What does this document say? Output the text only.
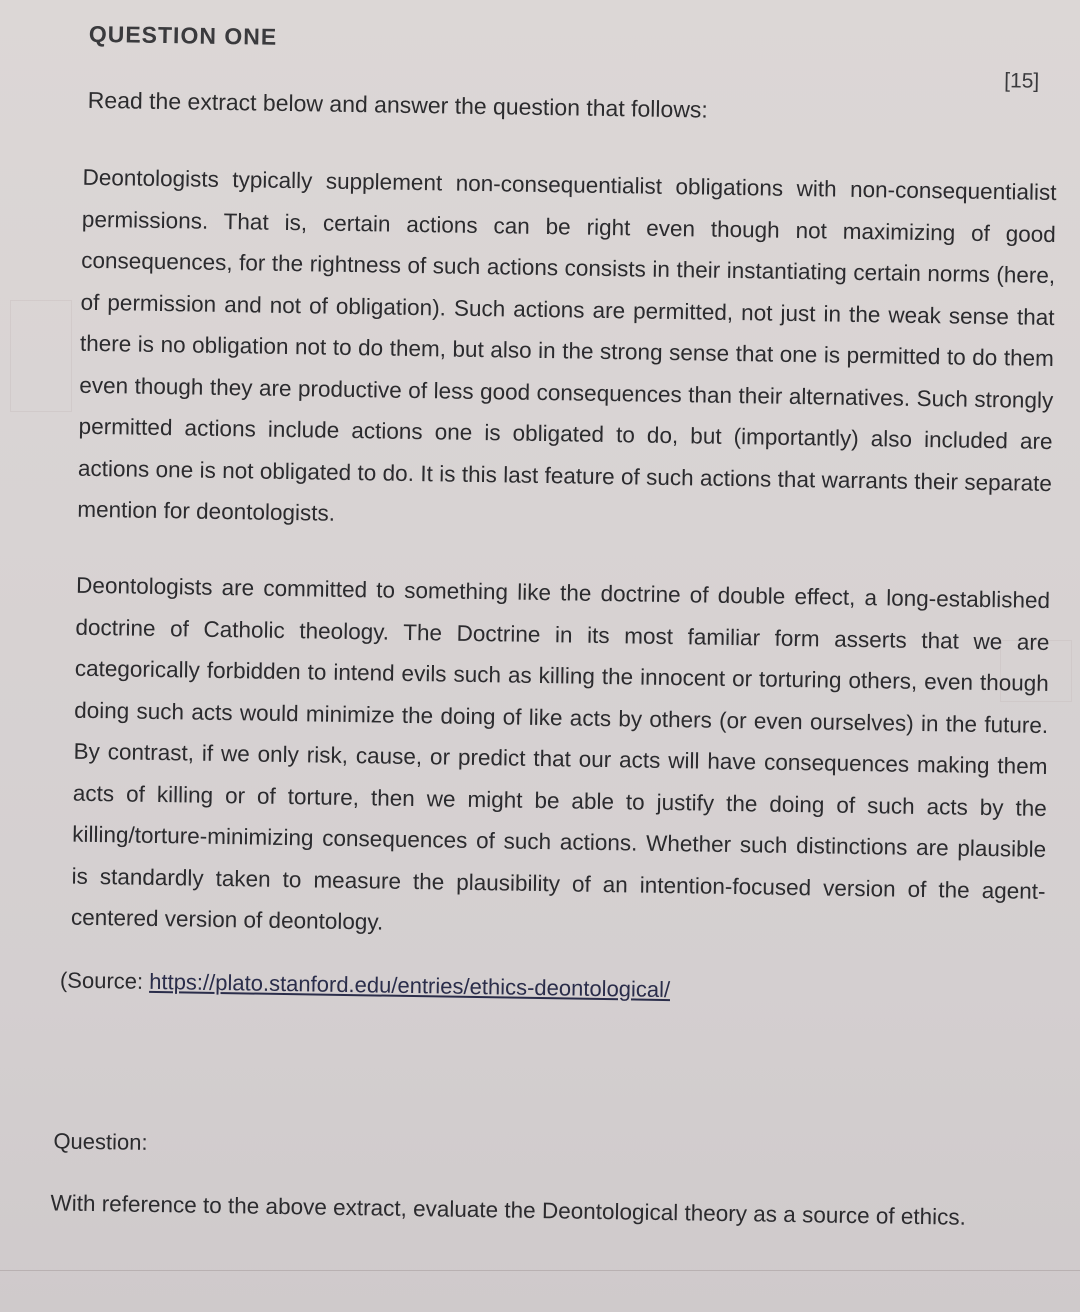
QUESTION ONE
[15]
Read the extract below and answer the question that follows:
Deontologists typically supplement non-consequentialist obligations with non-consequentialist permissions. That is, certain actions can be right even though not maximizing of good consequences, for the rightness of such actions consists in their instantiating certain norms (here, of permission and not of obligation). Such actions are permitted, not just in the weak sense that there is no obligation not to do them, but also in the strong sense that one is permitted to do them even though they are productive of less good consequences than their alternatives. Such strongly permitted actions include actions one is obligated to do, but (importantly) also included are actions one is not obligated to do. It is this last feature of such actions that warrants their separate mention for deontologists.
Deontologists are committed to something like the doctrine of double effect, a long-established doctrine of Catholic theology. The Doctrine in its most familiar form asserts that we are categorically forbidden to intend evils such as killing the innocent or torturing others, even though doing such acts would minimize the doing of like acts by others (or even ourselves) in the future. By contrast, if we only risk, cause, or predict that our acts will have consequences making them acts of killing or of torture, then we might be able to justify the doing of such acts by the killing/torture-minimizing consequences of such actions. Whether such distinctions are plausible is standardly taken to measure the plausibility of an intention-focused version of the agent-centered version of deontology.
(Source: https://plato.stanford.edu/entries/ethics-deontological/
Question:
With reference to the above extract, evaluate the Deontological theory as a source of ethics.
